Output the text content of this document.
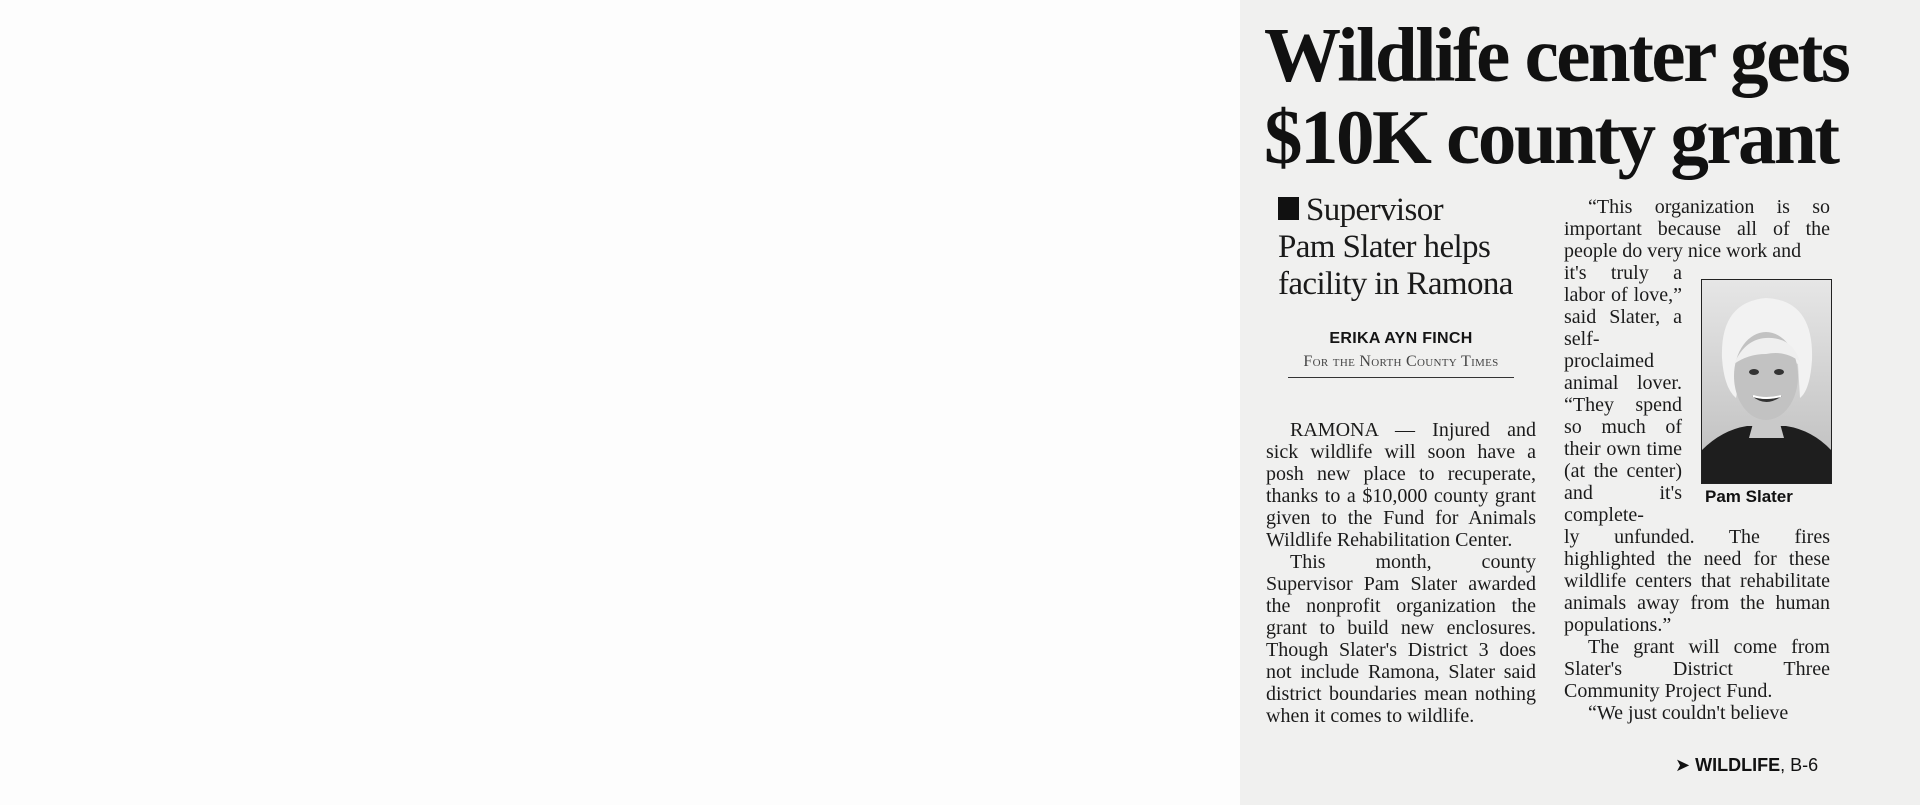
Wildlife center gets
$10K county grant
Supervisor
Pam Slater helps
facility in Ramona
ERIKA AYN FINCH
For the North County Times

RAMONA — Injured and sick wildlife will soon have a posh new place to recuperate, thanks to a $10,000 county grant given to the Fund for Animals Wildlife Rehabilitation Center.

This month, county Supervisor Pam Slater awarded the nonprofit organization the grant to build new enclosures. Though Slater's District 3 does not include Ramona, Slater said district boundaries mean nothing when it comes to wildlife.

“This organization is so important because all of the people do very nice work and

it's truly a labor of love,” said Slater, a self-proclaimed animal lover. “They spend so much of their own time (at the center) and it's complete-

Pam Slater

ly unfunded. The fires highlighted the need for these wildlife centers that rehabilitate animals away from the human populations.”

The grant will come from Slater's District Three Community Project Fund.

“We just couldn't believe

➤ WILDLIFE, B-6
